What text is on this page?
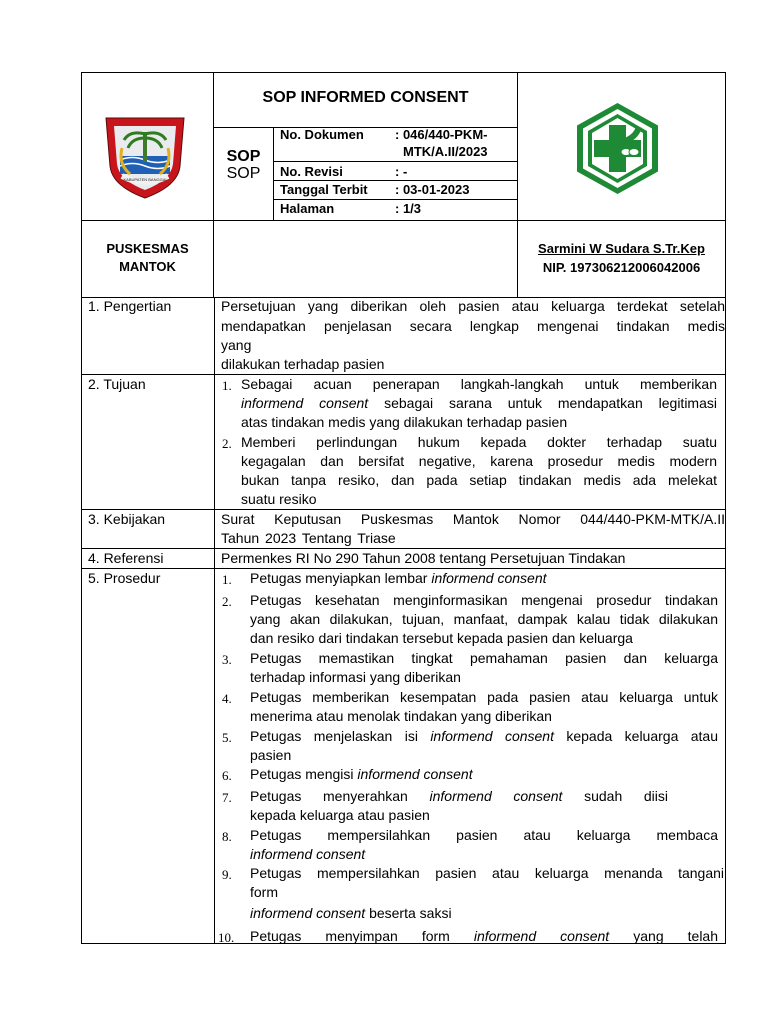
KABUPATEN BANGGAI
SOP INFORMED CONSENT
SOP
SOP
No. Dokumen : 046/440-PKM-
MTK/A.II/2023
No. Revisi	: -
Tanggal Terbit : 03-01-2023
Halaman	: 1/3
PUSKESMAS
MANTOK
Sarmini W Sudara S.Tr.Kep
NIP. 197306212006042006
1. Pengertian	Persetujuan yang diberikan oleh pasien atau keluarga terdekat setelah
mendapatkan penjelasan secara lengkap mengenai tindakan medis
yang
dilakukan terhadap pasien
2. Tujuan	1. Sebagai acuan penerapan langkah-langkah untuk memberikan
informend consent sebagai sarana untuk mendapatkan legitimasi
atas tindakan medis yang dilakukan terhadap pasien
2. Memberi perlindungan hukum kepada dokter terhadap suatu
kegagalan dan bersifat negative, karena prosedur medis modern
bukan tanpa resiko, dan pada setiap tindakan medis ada melekat
suatu resiko
3. Kebijakan	Surat Keputusan Puskesmas Mantok Nomor 044/440-PKM-MTK/A.II
Tahun 2023 Tentang Triase
4. Referensi	Permenkes RI No 290 Tahun 2008 tentang Persetujuan Tindakan
5. Prosedur	1. Petugas menyiapkan lembar informend consent
2. Petugas kesehatan menginformasikan mengenai prosedur tindakan
yang akan dilakukan, tujuan, manfaat, dampak kalau tidak dilakukan
dan resiko dari tindakan tersebut kepada pasien dan keluarga
3. Petugas memastikan tingkat pemahaman pasien dan keluarga
terhadap informasi yang diberikan
4. Petugas memberikan kesempatan pada pasien atau keluarga untuk
menerima atau menolak tindakan yang diberikan
5. Petugas menjelaskan isi informend consent kepada keluarga atau
pasien
6. Petugas mengisi informend consent
7. Petugas menyerahkan informend consent sudah diisi
kepada keluarga atau pasien
8. Petugas mempersilahkan pasien atau keluarga membaca
informend consent
9. Petugas mempersilahkan pasien atau keluarga menanda tangani
form
informend consent beserta saksi
10. Petugas menyimpan form informend consent yang telah
